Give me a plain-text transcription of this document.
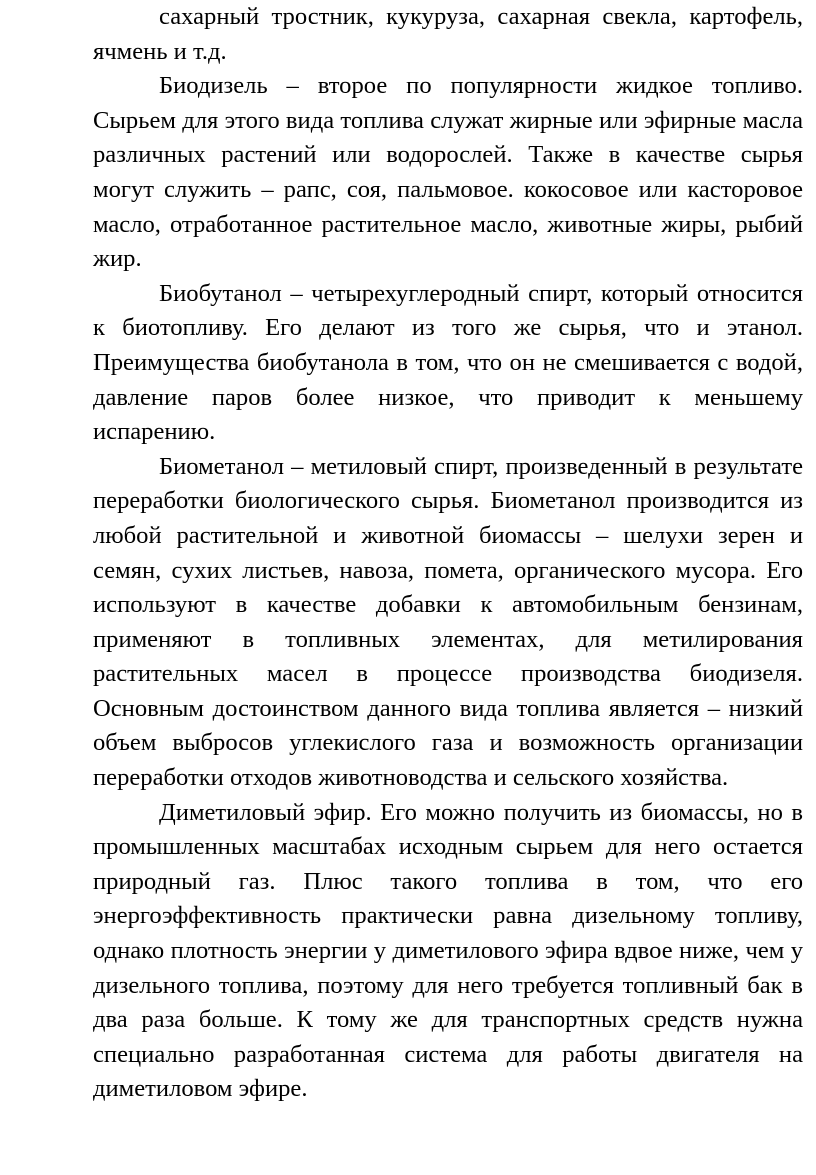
сахарный тростник, кукуруза, сахарная свекла, картофель, ячмень и т.д.

Биодизель – второе по популярности жидкое топливо. Сырьем для этого вида топлива служат жирные или эфирные масла различных растений или водорослей. Также в качестве сырья могут служить – рапс, соя, пальмовое. кокосовое или касторовое масло, отработанное растительное масло, животные жиры, рыбий жир.

Биобутанол – четырехуглеродный спирт, который относится к биотопливу. Его делают из того же сырья, что и этанол. Преимущества биобутанола в том, что он не смешивается с водой, давление паров более низкое, что приводит к меньшему испарению.

Биометанол – метиловый спирт, произведенный в результате переработки биологического сырья. Биометанол производится из любой растительной и животной биомассы – шелухи зерен и семян, сухих листьев, навоза, помета, органического мусора. Его используют в качестве добавки к автомобильным бензинам, применяют в топливных элементах, для метилирования растительных масел в процессе производства биодизеля. Основным достоинством данного вида топлива является – низкий объем выбросов углекислого газа и возможность организации переработки отходов животноводства и сельского хозяйства.

Диметиловый эфир. Его можно получить из биомассы, но в промышленных масштабах исходным сырьем для него остается природный газ. Плюс такого топлива в том, что его энергоэффективность практически равна дизельному топливу, однако плотность энергии у диметилового эфира вдвое ниже, чем у дизельного топлива, поэтому для него требуется топливный бак в два раза больше. К тому же для транспортных средств нужна специально разработанная система для работы двигателя на диметиловом эфире.
